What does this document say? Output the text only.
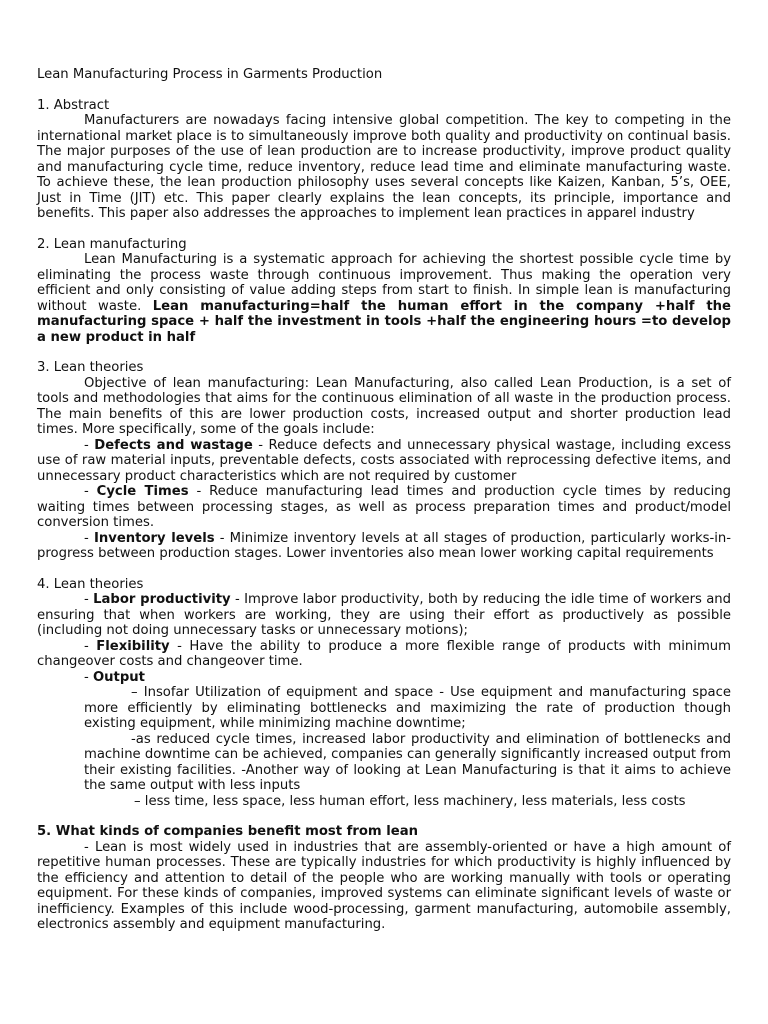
Lean Manufacturing Process in Garments Production
1. Abstract

Manufacturers are nowadays facing intensive global competition. The key to competing in the international market place is to simultaneously improve both quality and productivity on continual basis. The major purposes of the use of lean production are to increase productivity, improve product quality and manufacturing cycle time, reduce inventory, reduce lead time and eliminate manufacturing waste. To achieve these, the lean production philosophy uses several concepts like Kaizen, Kanban, 5’s, OEE, Just in Time (JIT) etc. This paper clearly explains the lean concepts, its principle, importance and benefits. This paper also addresses the approaches to implement lean practices in apparel industry

2. Lean manufacturing

Lean Manufacturing is a systematic approach for achieving the shortest possible cycle time by eliminating the process waste through continuous improvement. Thus making the operation very efficient and only consisting of value adding steps from start to finish. In simple lean is manufacturing without waste. Lean manufacturing=half the human effort in the company +half the manufacturing space + half the investment in tools +half the engineering hours =to develop a new product in half

3. Lean theories

Objective of lean manufacturing: Lean Manufacturing, also called Lean Production, is a set of tools and methodologies that aims for the continuous elimination of all waste in the production process. The main benefits of this are lower production costs, increased output and shorter production lead times. More specifically, some of the goals include:

- Defects and wastage - Reduce defects and unnecessary physical wastage, including excess use of raw material inputs, preventable defects, costs associated with reprocessing defective items, and unnecessary product characteristics which are not required by customer

- Cycle Times - Reduce manufacturing lead times and production cycle times by reducing waiting times between processing stages, as well as process preparation times and product/model conversion times.

- Inventory levels - Minimize inventory levels at all stages of production, particularly works-in-progress between production stages. Lower inventories also mean lower working capital requirements

4. Lean theories

- Labor productivity - Improve labor productivity, both by reducing the idle time of workers and ensuring that when workers are working, they are using their effort as productively as possible (including not doing unnecessary tasks or unnecessary motions);

- Flexibility - Have the ability to produce a more flexible range of products with minimum changeover costs and changeover time.

- Output

– Insofar Utilization of equipment and space - Use equipment and manufacturing space more efficiently by eliminating bottlenecks and maximizing the rate of production though existing equipment, while minimizing machine downtime;

-as reduced cycle times, increased labor productivity and elimination of bottlenecks and machine downtime can be achieved, companies can generally significantly increased output from their existing facilities. -Another way of looking at Lean Manufacturing is that it aims to achieve the same output with less inputs

– less time, less space, less human effort, less machinery, less materials, less costs

5. What kinds of companies benefit most from lean

- Lean is most widely used in industries that are assembly-oriented or have a high amount of repetitive human processes. These are typically industries for which productivity is highly influenced by the efficiency and attention to detail of the people who are working manually with tools or operating equipment. For these kinds of companies, improved systems can eliminate significant levels of waste or inefficiency. Examples of this include wood-processing, garment manufacturing, automobile assembly, electronics assembly and equipment manufacturing.
